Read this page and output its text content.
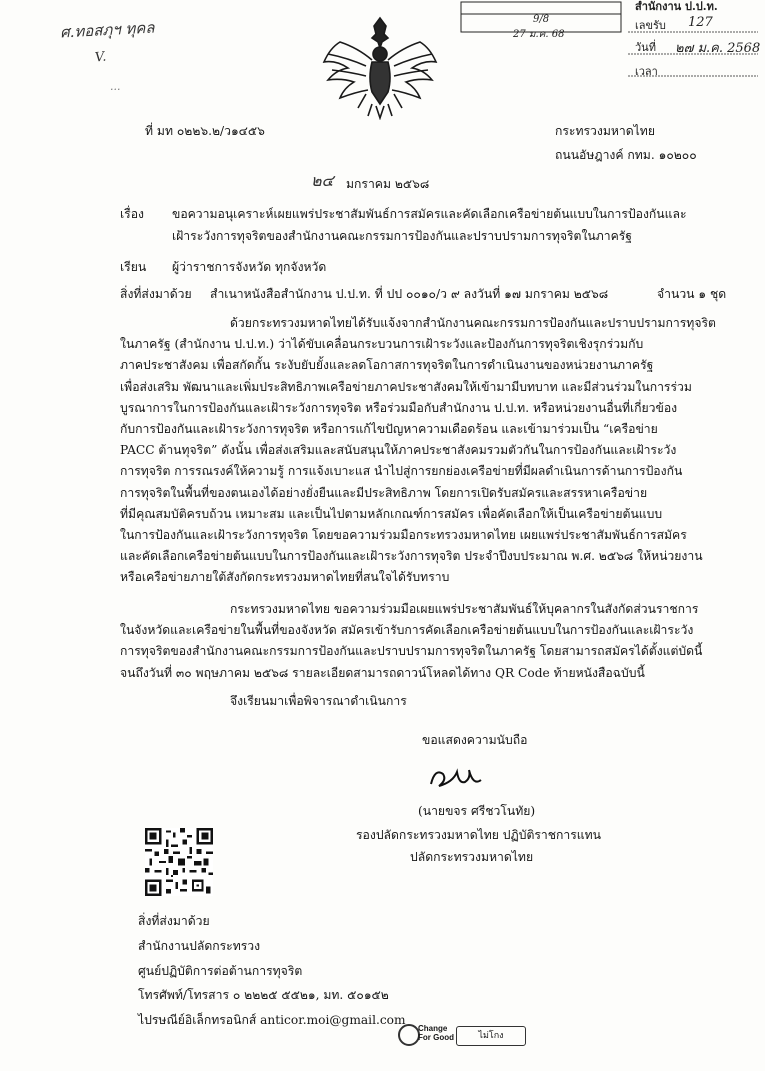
ศ.ทอสภุฯ ทุคล
V.
...
สำนักงาน ป.ป.ท.
เลขรับ 127
วันที่ ๒๗ ม.ค. 2568
เวลา
9/8
27 ม.ค. 68
ที่ มท ๐๒๒๖.๒/ว๑๔๕๖	กระทรวงมหาดไทย
ถนนอัษฎางค์ กทม. ๑๐๒๐๐
๒๔ มกราคม ๒๕๖๘
เรื่อง ขอความอนุเคราะห์เผยแพร่ประชาสัมพันธ์การสมัครและคัดเลือกเครือข่ายต้นแบบในการป้องกันและ
เฝ้าระวังการทุจริตของสำนักงานคณะกรรมการป้องกันและปราบปรามการทุจริตในภาครัฐ
เรียน ผู้ว่าราชการจังหวัด ทุกจังหวัด
สิ่งที่ส่งมาด้วย สำเนาหนังสือสำนักงาน ป.ป.ท. ที่ ปป ๐๐๑๐/ว ๙ ลงวันที่ ๑๗ มกราคม ๒๕๖๘	จำนวน ๑ ชุด
ด้วยกระทรวงมหาดไทยได้รับแจ้งจากสำนักงานคณะกรรมการป้องกันและปราบปรามการทุจริต
ในภาครัฐ (สำนักงาน ป.ป.ท.) ว่าได้ขับเคลื่อนกระบวนการเฝ้าระวังและป้องกันการทุจริตเชิงรุกร่วมกับ
ภาคประชาสังคม เพื่อสกัดกั้น ระงับยับยั้งและลดโอกาสการทุจริตในการดำเนินงานของหน่วยงานภาครัฐ
เพื่อส่งเสริม พัฒนาและเพิ่มประสิทธิภาพเครือข่ายภาคประชาสังคมให้เข้ามามีบทบาท และมีส่วนร่วมในการร่วม
บูรณาการในการป้องกันและเฝ้าระวังการทุจริต หรือร่วมมือกับสำนักงาน ป.ป.ท. หรือหน่วยงานอื่นที่เกี่ยวข้อง
กับการป้องกันและเฝ้าระวังการทุจริต หรือการแก้ไขปัญหาความเดือดร้อน และเข้ามาร่วมเป็น “เครือข่าย
PACC ต้านทุจริต” ดังนั้น เพื่อส่งเสริมและสนับสนุนให้ภาคประชาสังคมรวมตัวกันในการป้องกันและเฝ้าระวัง
การทุจริต การรณรงค์ให้ความรู้ การแจ้งเบาะแส นำไปสู่การยกย่องเครือข่ายที่มีผลดำเนินการด้านการป้องกัน
การทุจริตในพื้นที่ของตนเองได้อย่างยั่งยืนและมีประสิทธิภาพ โดยการเปิดรับสมัครและสรรหาเครือข่าย
ที่มีคุณสมบัติครบถ้วน เหมาะสม และเป็นไปตามหลักเกณฑ์การสมัคร เพื่อคัดเลือกให้เป็นเครือข่ายต้นแบบ
ในการป้องกันและเฝ้าระวังการทุจริต โดยขอความร่วมมือกระทรวงมหาดไทย เผยแพร่ประชาสัมพันธ์การสมัคร
และคัดเลือกเครือข่ายต้นแบบในการป้องกันและเฝ้าระวังการทุจริต ประจำปีงบประมาณ พ.ศ. ๒๕๖๘ ให้หน่วยงาน
หรือเครือข่ายภายใต้สังกัดกระทรวงมหาดไทยที่สนใจได้รับทราบ
กระทรวงมหาดไทย ขอความร่วมมือเผยแพร่ประชาสัมพันธ์ให้บุคลากรในสังกัดส่วนราชการ
ในจังหวัดและเครือข่ายในพื้นที่ของจังหวัด สมัครเข้ารับการคัดเลือกเครือข่ายต้นแบบในการป้องกันและเฝ้าระวัง
การทุจริตของสำนักงานคณะกรรมการป้องกันและปราบปรามการทุจริตในภาครัฐ โดยสามารถสมัครได้ตั้งแต่บัดนี้
จนถึงวันที่ ๓๐ พฤษภาคม ๒๕๖๘ รายละเอียดสามารถดาวน์โหลดได้ทาง QR Code ท้ายหนังสือฉบับนี้
จึงเรียนมาเพื่อพิจารณาดำเนินการ
ขอแสดงความนับถือ
(นายขจร ศรีชวโนทัย)
รองปลัดกระทรวงมหาดไทย ปฏิบัติราชการแทน
ปลัดกระทรวงมหาดไทย
สิ่งที่ส่งมาด้วย
สำนักงานปลัดกระทรวง
ศูนย์ปฏิบัติการต่อต้านการทุจริต
โทรศัพท์/โทรสาร ๐ ๒๒๒๕ ๕๕๒๑, มท. ๕๐๑๕๒
ไปรษณีย์อิเล็กทรอนิกส์ anticor.moi@gmail.com
Change For Good	ไม่โกง
